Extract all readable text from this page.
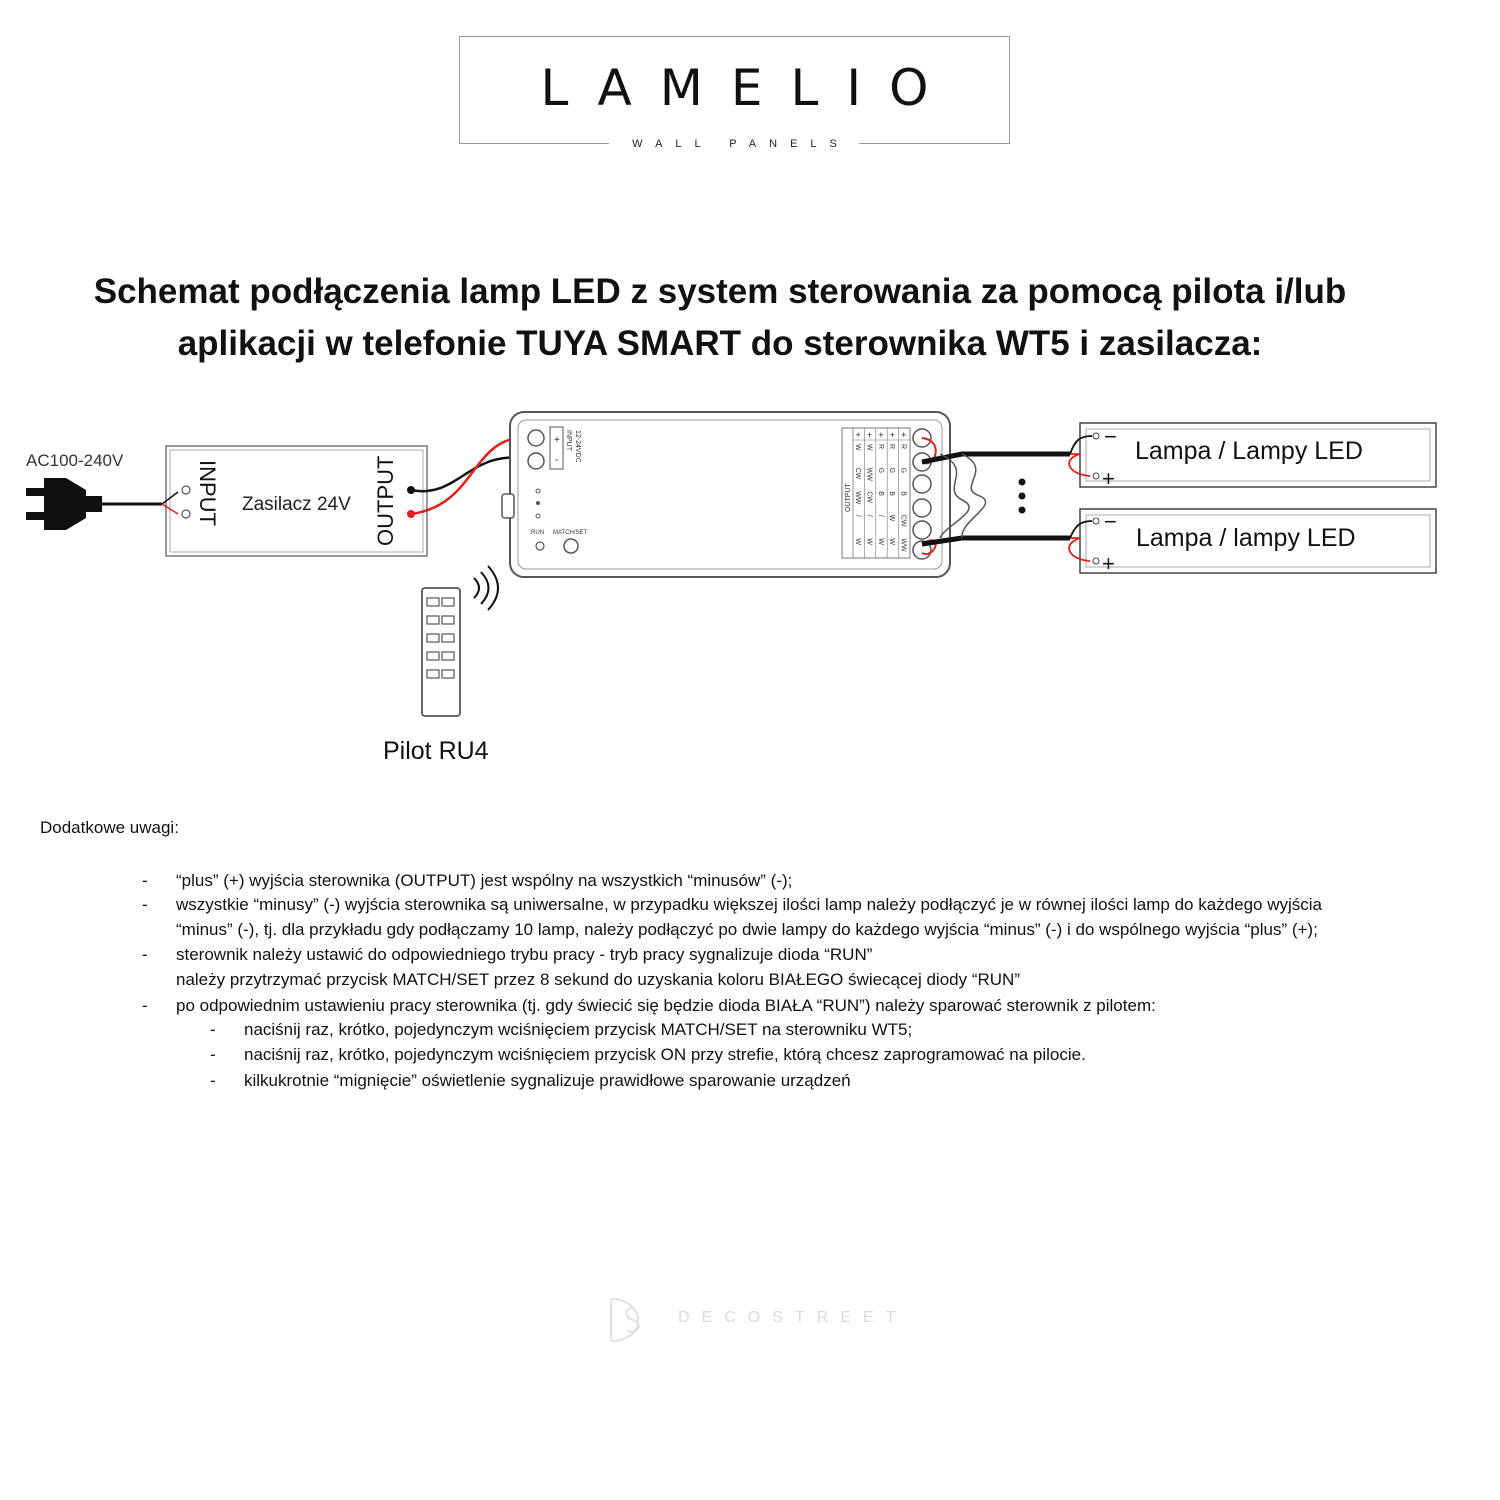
LAMELIO
WALL PANELS
Schemat podłączenia lamp LED z system sterowania za pomocą pilota i/lub
aplikacji w telefonie TUYA SMART do sterownika WT5 i zasilacza:
AC100-240V	INPUT Zasilacz 24V OUTPUT
+
-
INPUT 12-24VDC
RUN MATCH/SET
OUTPUT
+
W
CW
WW
/
W
+
W
WW
CW
/
W
+
R
G
B
/
W
+
R
G
B
W
W
+
R
G
B
CW
WW
−
+
Lampa / Lampy LED
−
+
Lampa / lampy LED
Pilot RU4
Dodatkowe uwagi:
- “plus” (+) wyjścia sterownika (OUTPUT) jest wspólny na wszystkich “minusów” (-);
- wszystkie “minusy” (-) wyjścia sterownika są uniwersalne, w przypadku większej ilości lamp należy podłączyć je w równej ilości lamp do każdego wyjścia
“minus” (-), tj. dla przykładu gdy podłączamy 10 lamp, należy podłączyć po dwie lampy do każdego wyjścia “minus” (-) i do wspólnego wyjścia “plus” (+);
- sterownik należy ustawić do odpowiedniego trybu pracy - tryb pracy sygnalizuje dioda “RUN”
należy przytrzymać przycisk MATCH/SET przez 8 sekund do uzyskania koloru BIAŁEGO świecącej diody “RUN”
- po odpowiednim ustawieniu pracy sterownika (tj. gdy świecić się będzie dioda BIAŁA “RUN”) należy sparować sterownik z pilotem:
- naciśnij raz, krótko, pojedynczym wciśnięciem przycisk MATCH/SET na sterowniku WT5;
- naciśnij raz, krótko, pojedynczym wciśnięciem przycisk ON przy strefie, którą chcesz zaprogramować na pilocie.
- kilkukrotnie “mignięcie” oświetlenie sygnalizuje prawidłowe sparowanie urządzeń
DECOSTREET
